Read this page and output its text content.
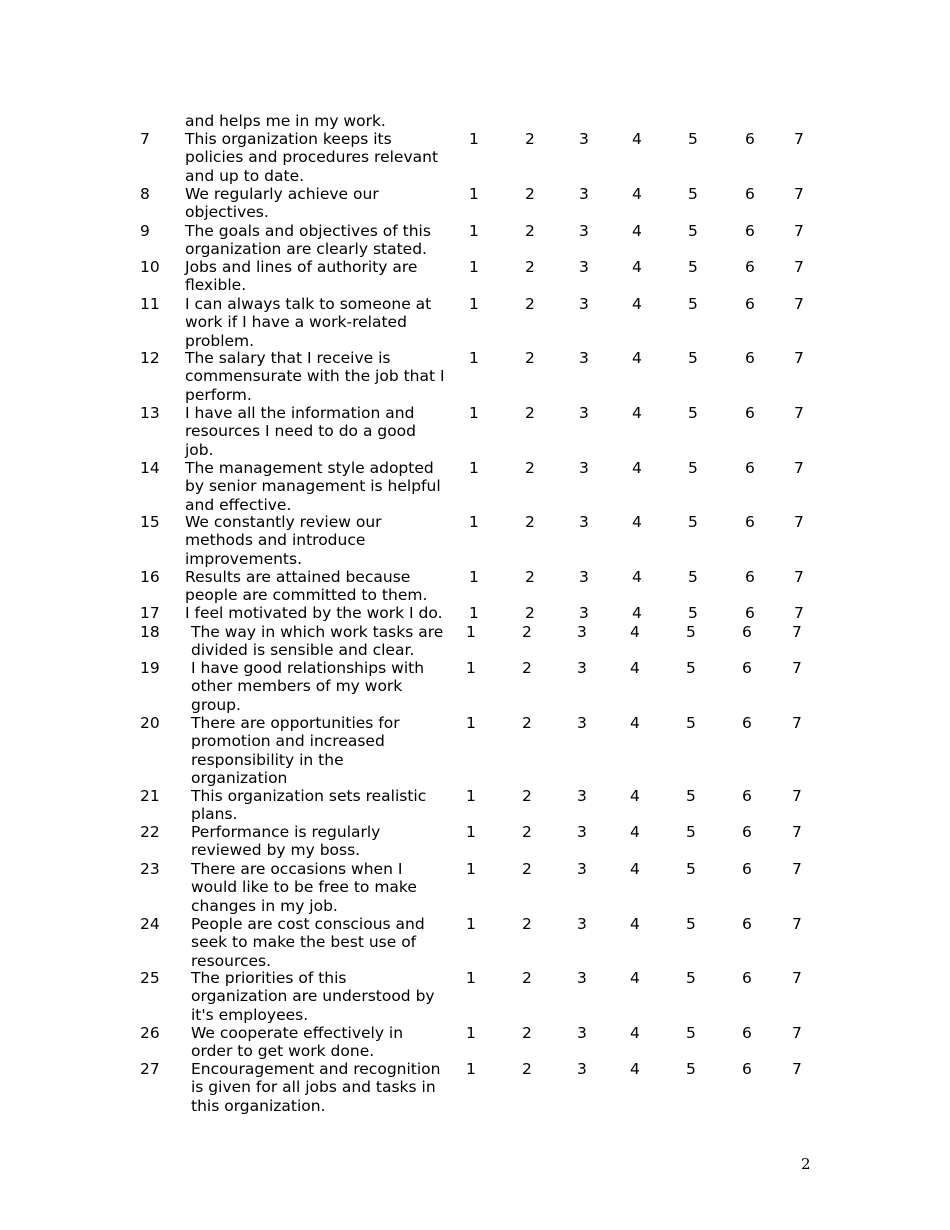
and helps me in my work.
7 This organization keeps its
policies and procedures relevant
and up to date.
1	2	3	4	5	6	7
8 We regularly achieve our
objectives.
1	2	3	4	5	6	7
9 The goals and objectives of this
organization are clearly stated.
1	2	3	4	5	6	7
10 Jobs and lines of authority are
flexible.
1	2	3	4	5	6	7
11 I can always talk to someone at
work if I have a work-related
problem.
1	2	3	4	5	6	7
12 The salary that I receive is
commensurate with the job that I
perform.
1	2	3	4	5	6	7
13 I have all the information and
resources I need to do a good
job.
1	2	3	4	5	6	7
14 The management style adopted
by senior management is helpful
and effective.
1	2	3	4	5	6	7
15 We constantly review our
methods and introduce
improvements.
1	2	3	4	5	6	7
16 Results are attained because
people are committed to them.
1	2	3	4	5	6	7
17 I feel motivated by the work I do. 1	2	3	4	5	6	7
18 The way in which work tasks are
divided is sensible and clear.
1	2	3	4	5	6	7
19 I have good relationships with
other members of my work
group.
1	2	3	4	5	6	7
20 There are opportunities for
promotion and increased
responsibility in the
organization
1	2	3	4	5	6	7
21 This organization sets realistic
plans.
1	2	3	4	5	6	7
22 Performance is regularly
reviewed by my boss.
1	2	3	4	5	6	7
23 There are occasions when I
would like to be free to make
changes in my job.
1	2	3	4	5	6	7
24 People are cost conscious and
seek to make the best use of
resources.
1	2	3	4	5	6	7
25 The priorities of this
organization are understood by
it's employees.
1	2	3	4	5	6	7
26 We cooperate effectively in
order to get work done.
1	2	3	4	5	6	7
27 Encouragement and recognition
is given for all jobs and tasks in
this organization.
1	2	3	4	5	6	7
2
